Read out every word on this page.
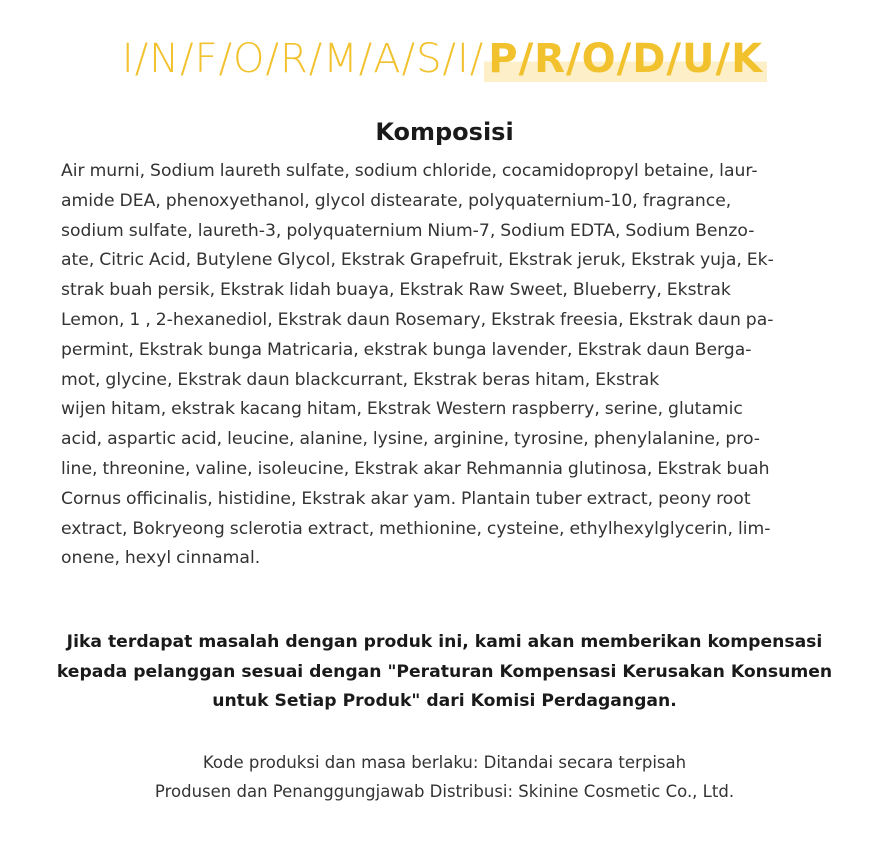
I/N/F/O/R/M/A/S/I/ P/R/O/D/U/K
Komposisi

Air murni, Sodium laureth sulfate, sodium chloride, cocamidopropyl betaine, laur-

amide DEA, phenoxyethanol, glycol distearate, polyquaternium-10, fragrance,

sodium sulfate, laureth-3, polyquaternium Nium-7, Sodium EDTA, Sodium Benzo-

ate, Citric Acid, Butylene Glycol, Ekstrak Grapefruit, Ekstrak jeruk, Ekstrak yuja, Ek-

strak buah persik, Ekstrak lidah buaya, Ekstrak Raw Sweet, Blueberry, Ekstrak

Lemon, 1 , 2-hexanediol, Ekstrak daun Rosemary, Ekstrak freesia, Ekstrak daun pa-

permint, Ekstrak bunga Matricaria, ekstrak bunga lavender, Ekstrak daun Berga-

mot, glycine, Ekstrak daun blackcurrant, Ekstrak beras hitam, Ekstrak

wijen hitam, ekstrak kacang hitam, Ekstrak Western raspberry, serine, glutamic

acid, aspartic acid, leucine, alanine, lysine, arginine, tyrosine, phenylalanine, pro-

line, threonine, valine, isoleucine, Ekstrak akar Rehmannia glutinosa, Ekstrak buah

Cornus officinalis, histidine, Ekstrak akar yam. Plantain tuber extract, peony root

extract, Bokryeong sclerotia extract, methionine, cysteine, ethylhexylglycerin, lim-

onene, hexyl cinnamal.

Jika terdapat masalah dengan produk ini, kami akan memberikan kompensasi

kepada pelanggan sesuai dengan "Peraturan Kompensasi Kerusakan Konsumen

untuk Setiap Produk" dari Komisi Perdagangan.

Kode produksi dan masa berlaku: Ditandai secara terpisah

Produsen dan Penanggungjawab Distribusi: Skinine Cosmetic Co., Ltd.
